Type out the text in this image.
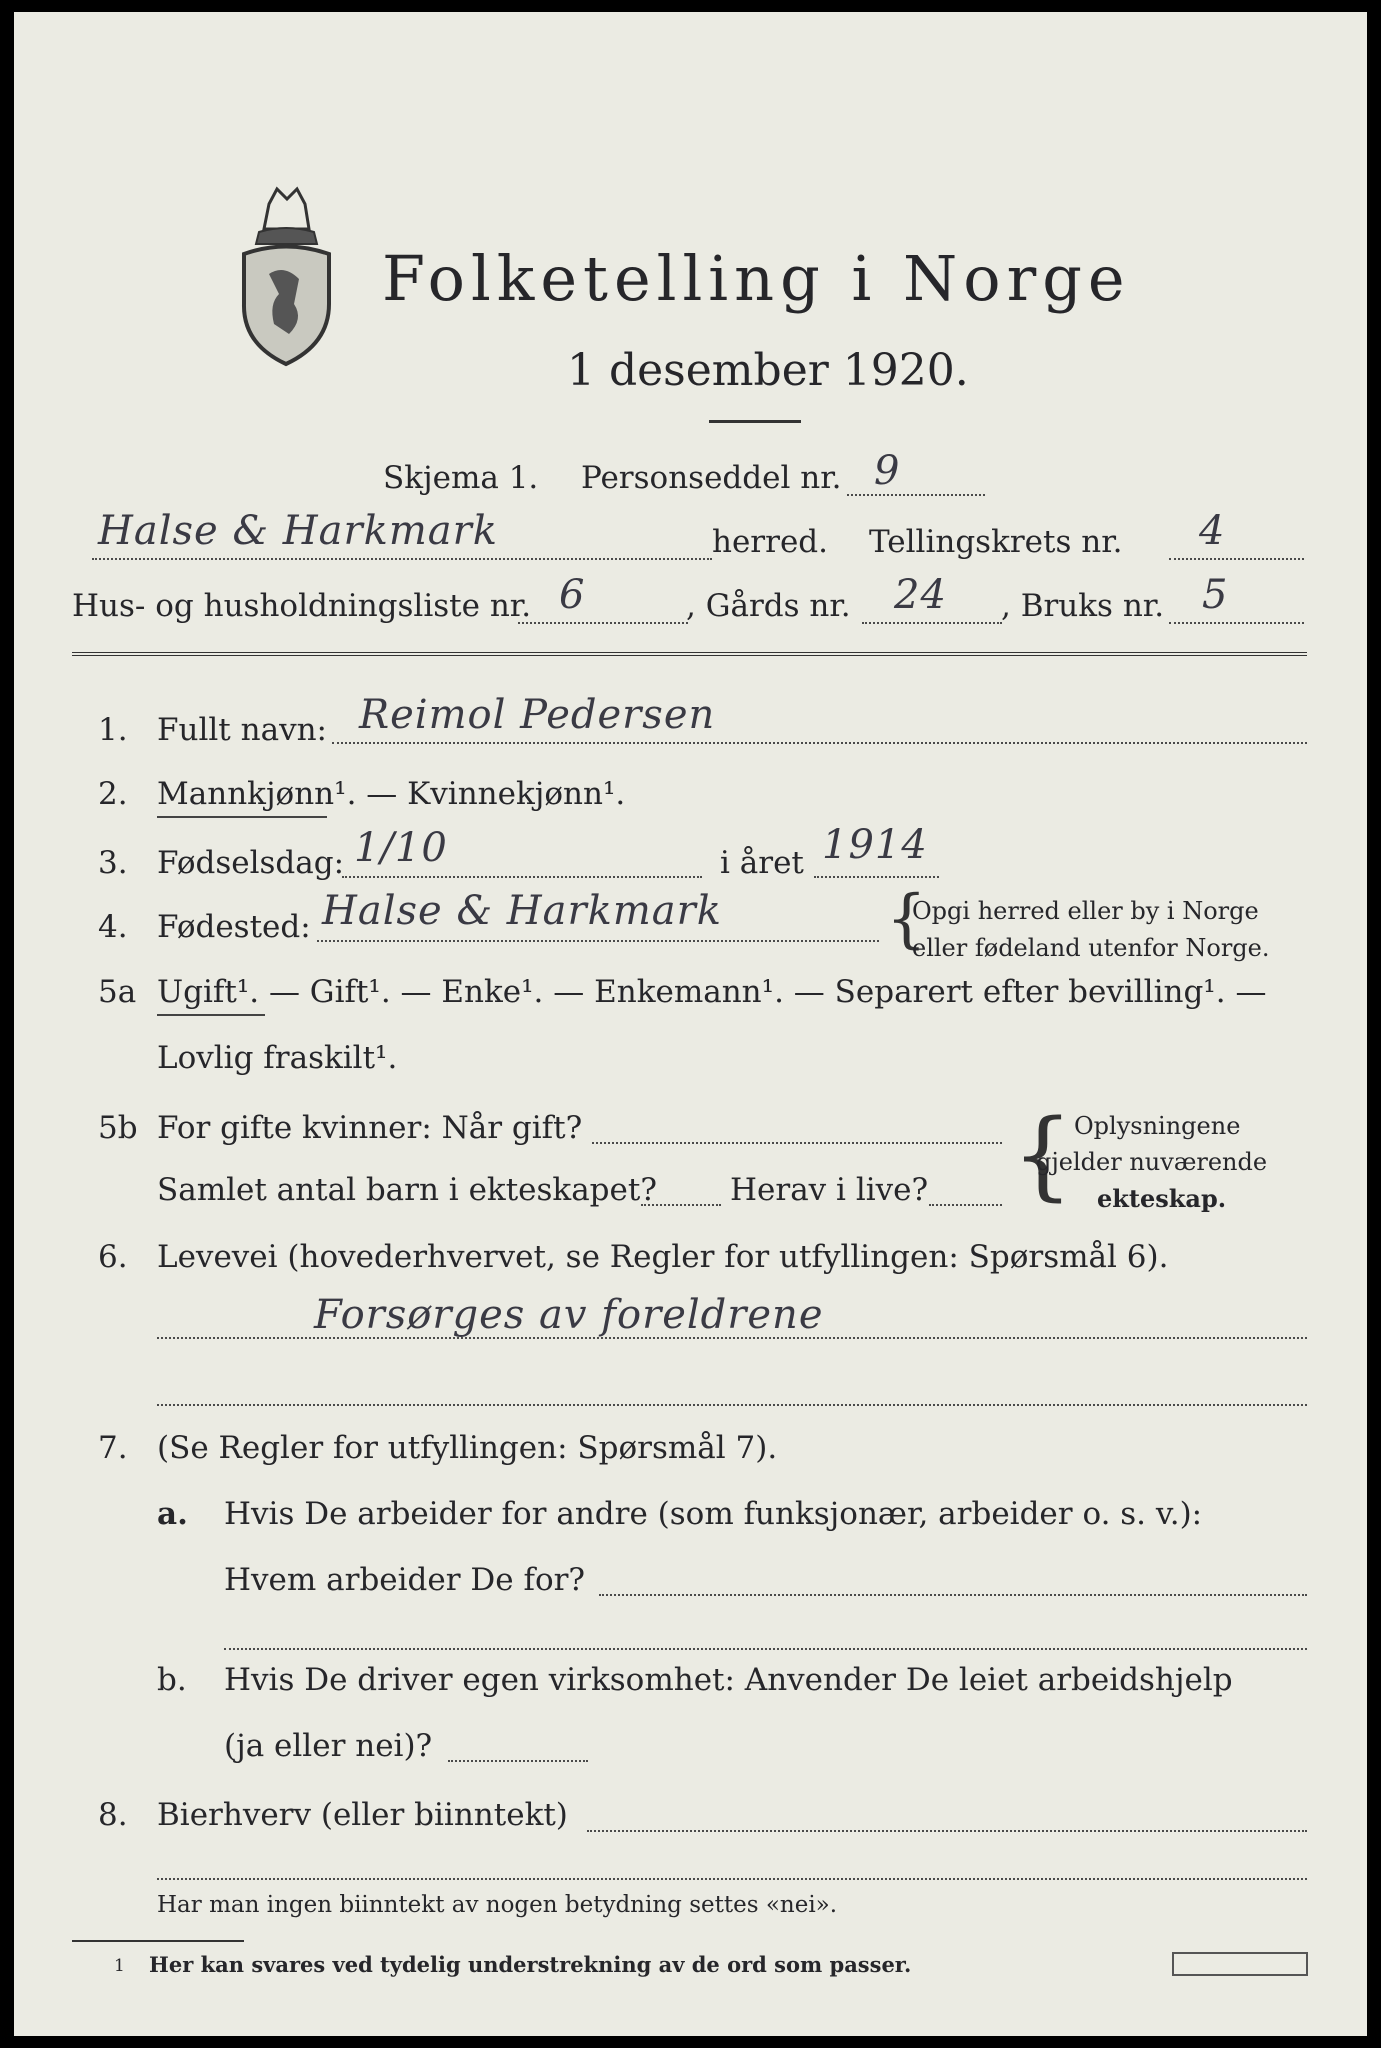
Folketelling i Norge
1 desember 1920.
Skjema 1. Personseddel nr. 9
Halse & Harkmark	herred. Tellingskrets nr. 4
Hus- og husholdningsliste nr. 6	, Gårds nr. 24 , Bruks nr. 5
1. Fullt navn: Reimol Pedersen
2. Mannkjønn¹. — Kvinnekjønn¹.
3. Fødselsdag: 1/10	i året 1914
4. Fødested: Halse & Harkmark	{
Opgi herred eller by i Norge
eller fødeland utenfor Norge.
5a Ugift¹. — Gift¹. — Enke¹. — Enkemann¹. — Separert efter bevilling¹. —
Lovlig fraskilt¹.
5b For gifte kvinner: Når gift?
Samlet antal barn i ekteskapet? Herav i live? { Oplysningene
gjelder nuværende
ekteskap.
6. Levevei (hovederhvervet, se Regler for utfyllingen: Spørsmål 6).
Forsørges av foreldrene
7. (Se Regler for utfyllingen: Spørsmål 7).
a. Hvis De arbeider for andre (som funksjonær, arbeider o. s. v.):
Hvem arbeider De for?
b. Hvis De driver egen virksomhet: Anvender De leiet arbeidshjelp
(ja eller nei)?
8. Bierhverv (eller biinntekt)
Har man ingen biinntekt av nogen betydning settes «nei».
1 Her kan svares ved tydelig understrekning av de ord som passer.
